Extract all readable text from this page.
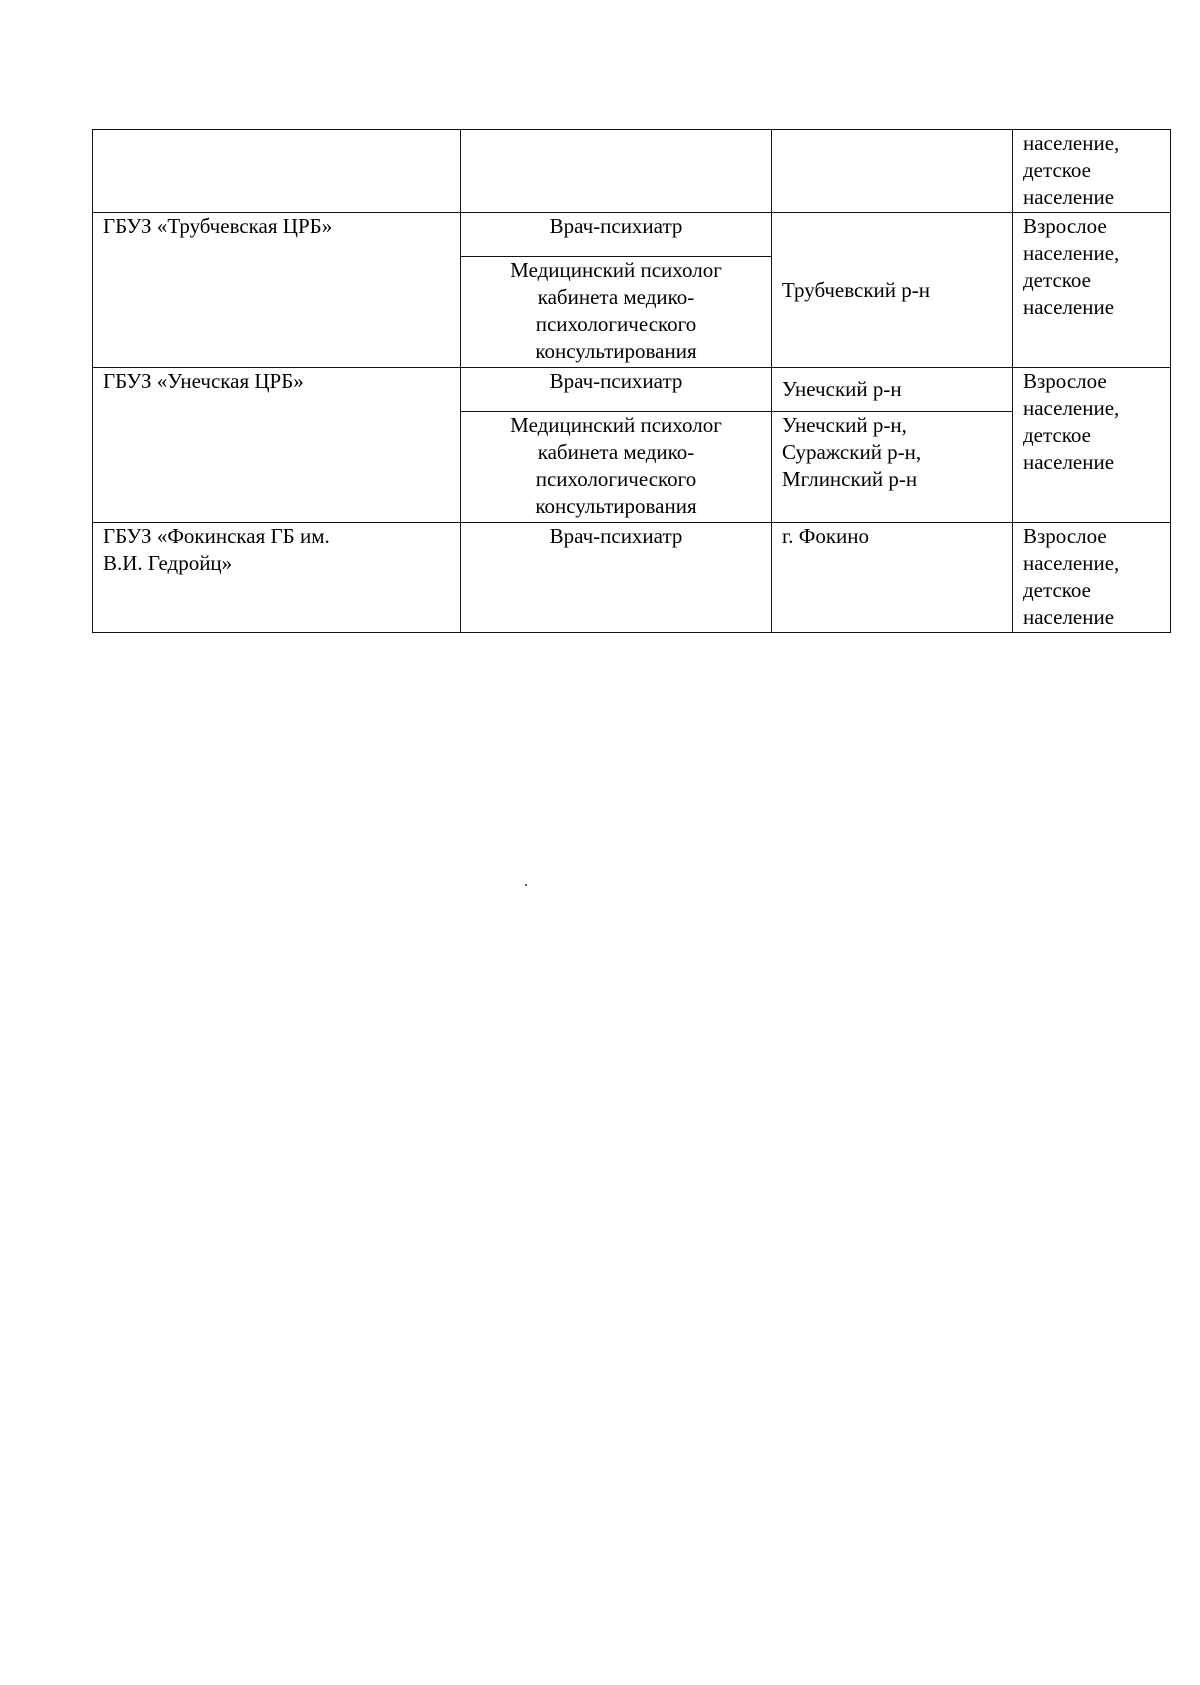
			население,
детское
население

ГБУЗ «Трубчевская ЦРБ»	Врач-психиатр	Трубчевский р-н	Взрослое
население,
детское
население

	Медицинский психолог
кабинета медико-
психологического
консультирования		

ГБУЗ «Унечская ЦРБ»	Врач-психиатр	Унечский р-н	Взрослое
население,
детское
население

	Медицинский психолог
кабинета медико-
психологического
консультирования	Унечский р-н,
Суражский р-н,
Мглинский р-н	

ГБУЗ «Фокинская ГБ им.
В.И. Гедройц»	Врач-психиатр	г. Фокино	Взрослое
население,
детское
население
